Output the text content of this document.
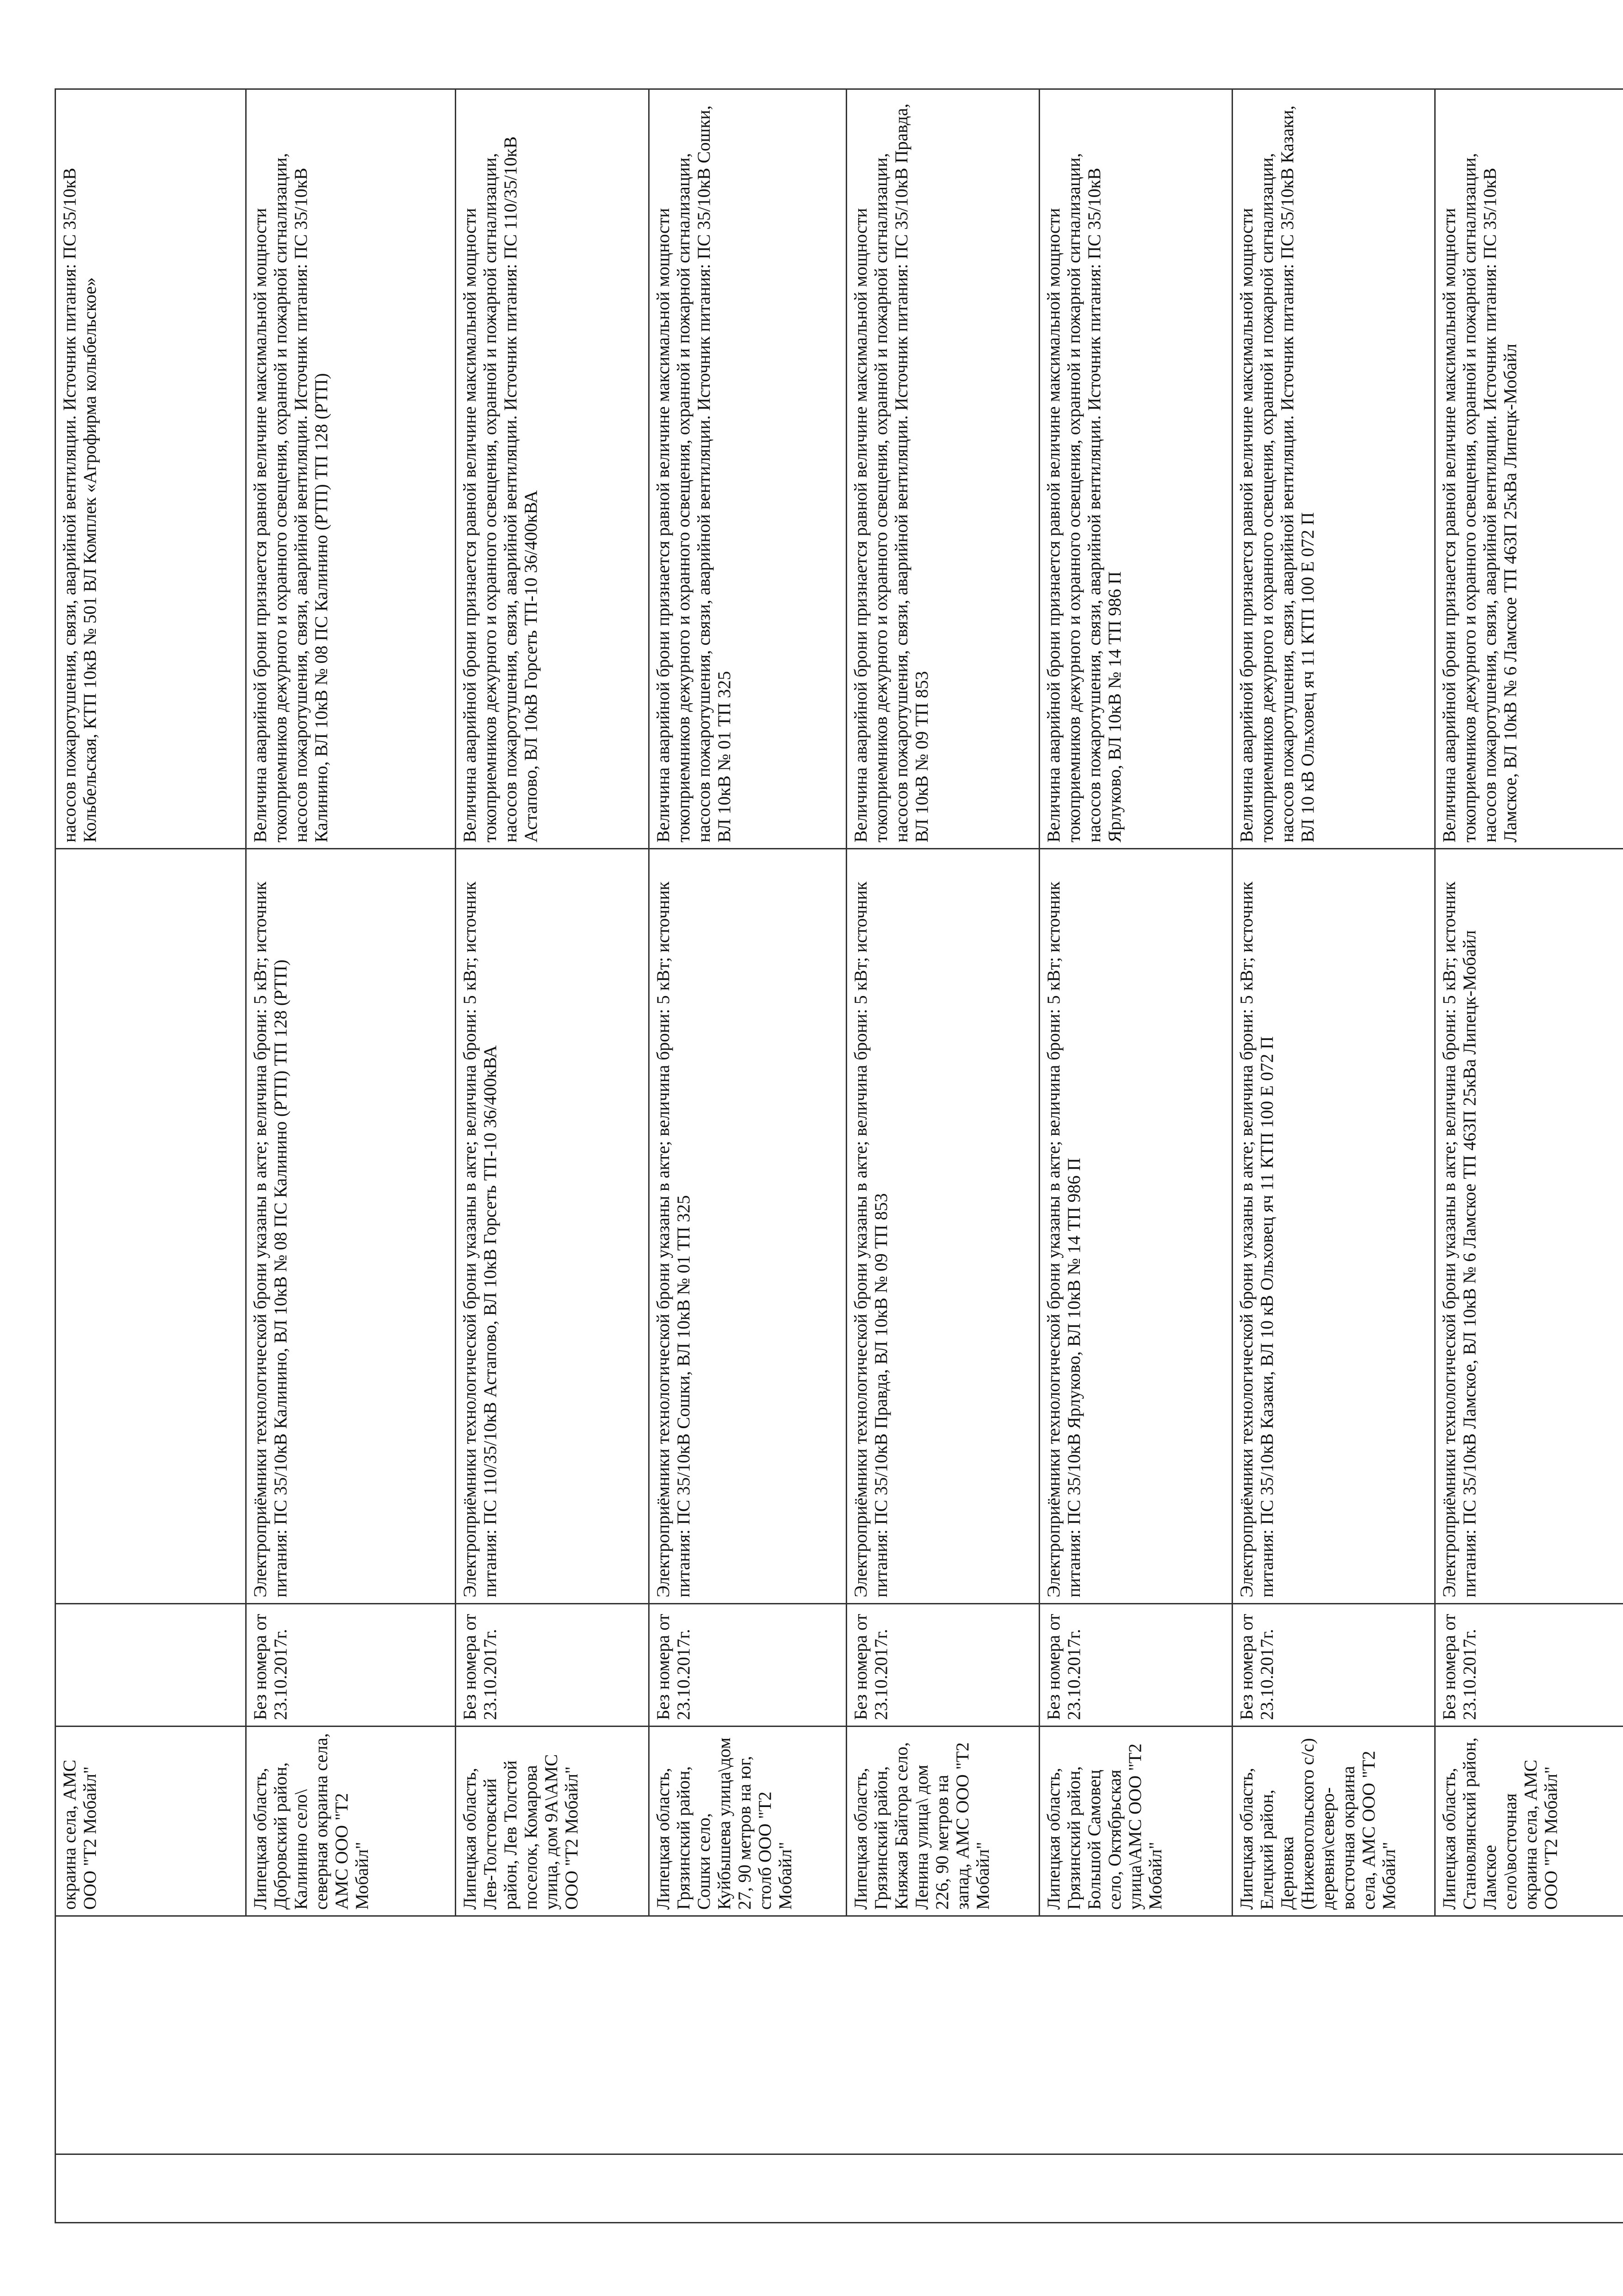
		окраина села, АМС ООО "Т2 Мобайл"			насосов пожаротушения, связи, аварийной вентиляции. Источник питания: ПС 35/10кВ Кольбельская, КТП 10кВ № 501 ВЛ Комплек «Агрофирма колыбельское»

		Липецкая область, Добровский район, Калинино село\ северная окраина села, АМС ООО "Т2 Мобайл"	Без номера от 23.10.2017г.	Электроприёмники технологической брони указаны в акте; величина брони: 5 кВт; источник питания: ПС 35/10кВ Калинино, ВЛ 10кВ № 08 ПС Калинино (РТП) ТП 128 (РТП)	Величина аварийной брони признается равной величине максимальной мощности токоприемников дежурного и охранного освещения, охранной и пожарной сигнализации, насосов пожаротушения, связи, аварийной вентиляции. Источник питания: ПС 35/10кВ Калинино, ВЛ 10кВ № 08 ПС Калинино (РТП) ТП 128 (РТП)

		Липецкая область, Лев-Толстовский район, Лев Толстой поселок, Комарова улица, дом 9А\АМС ООО "Т2 Мобайл"	Без номера от 23.10.2017г.	Электроприёмники технологической брони указаны в акте; величина брони: 5 кВт; источник питания: ПС 110/35/10кВ Астапово, ВЛ 10кВ Горсеть ТП-10 36/400кВА	Величина аварийной брони признается равной величине максимальной мощности токоприемников дежурного и охранного освещения, охранной и пожарной сигнализации, насосов пожаротушения, связи, аварийной вентиляции. Источник питания: ПС 110/35/10кВ Астапово, ВЛ 10кВ Горсеть ТП-10 36/400кВА

		Липецкая область, Грязинский район, Сошки село, Куйбышева улица\дом 27, 90 метров на юг, столб ООО "Т2 Мобайл"	Без номера от 23.10.2017г.	Электроприёмники технологической брони указаны в акте; величина брони: 5 кВт; источник питания: ПС 35/10кВ Сошки, ВЛ 10кВ № 01 ТП 325	Величина аварийной брони признается равной величине максимальной мощности токоприемников дежурного и охранного освещения, охранной и пожарной сигнализации, насосов пожаротушения, связи, аварийной вентиляции. Источник питания: ПС 35/10кВ Сошки, ВЛ 10кВ № 01 ТП 325

		Липецкая область, Грязинский район, Княжая Байгора село, Ленина улица\ дом 226, 90 метров на запад, АМС ООО "Т2 Мобайл"	Без номера от 23.10.2017г.	Электроприёмники технологической брони указаны в акте; величина брони: 5 кВт; источник питания: ПС 35/10кВ Правда, ВЛ 10кВ № 09 ТП 853	Величина аварийной брони признается равной величине максимальной мощности токоприемников дежурного и охранного освещения, охранной и пожарной сигнализации, насосов пожаротушения, связи, аварийной вентиляции. Источник питания: ПС 35/10кВ Правда, ВЛ 10кВ № 09 ТП 853

		Липецкая область, Грязинский район, Большой Самовец село, Октябрьская улица\АМС ООО "Т2 Мобайл"	Без номера от 23.10.2017г.	Электроприёмники технологической брони указаны в акте; величина брони: 5 кВт; источник питания: ПС 35/10кВ Ярлуково, ВЛ 10кВ № 14 ТП 986 П	Величина аварийной брони признается равной величине максимальной мощности токоприемников дежурного и охранного освещения, охранной и пожарной сигнализации, насосов пожаротушения, связи, аварийной вентиляции. Источник питания: ПС 35/10кВ Ярлуково, ВЛ 10кВ № 14 ТП 986 П

		Липецкая область, Елецкий район, Дерновка (Нижевогольского с/с) деревня\северо-восточная окраина села, АМС ООО "Т2 Мобайл"	Без номера от 23.10.2017г.	Электроприёмники технологической брони указаны в акте; величина брони: 5 кВт; источник питания: ПС 35/10кВ Казаки, ВЛ 10 кВ Ольховец яч 11 КТП 100 Е 072 П	Величина аварийной брони признается равной величине максимальной мощности токоприемников дежурного и охранного освещения, охранной и пожарной сигнализации, насосов пожаротушения, связи, аварийной вентиляции. Источник питания: ПС 35/10кВ Казаки, ВЛ 10 кВ Ольховец яч 11 КТП 100 Е 072 П

		Липецкая область, Становлянский район, Ламское село\восточная окраина села, АМС ООО "Т2 Мобайл"	Без номера от 23.10.2017г.	Электроприёмники технологической брони указаны в акте; величина брони: 5 кВт; источник питания: ПС 35/10кВ Ламское, ВЛ 10кВ № 6 Ламское ТП 463П 25кВа Липецк-Мобайл	Величина аварийной брони признается равной величине максимальной мощности токоприемников дежурного и охранного освещения, охранной и пожарной сигнализации, насосов пожаротушения, связи, аварийной вентиляции. Источник питания: ПС 35/10кВ Ламское, ВЛ 10кВ № 6 Ламское ТП 463П 25кВа Липецк-Мобайл
